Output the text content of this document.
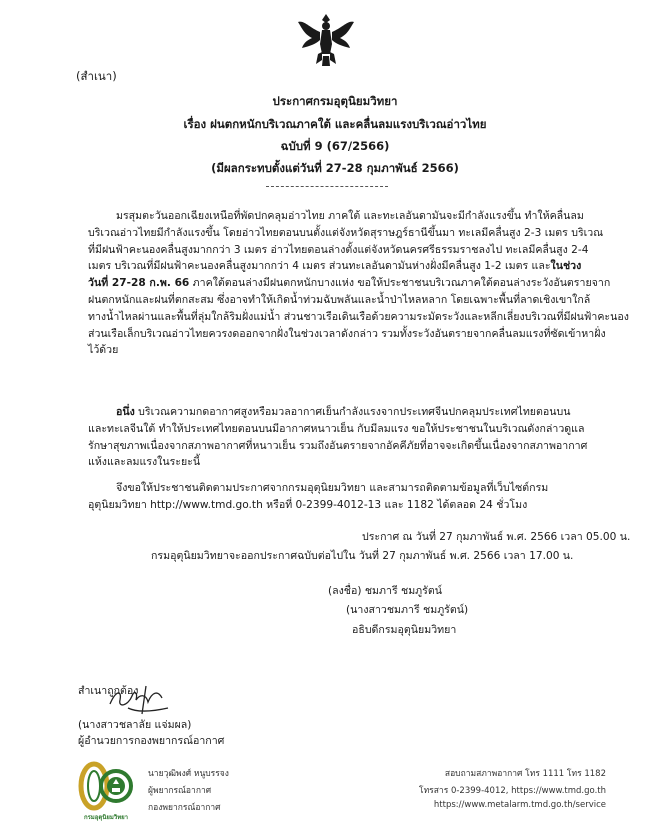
(สำเนา)
ประกาศกรมอุตุนิยมวิทยา
เรื่อง ฝนตกหนักบริเวณภาคใต้ และคลื่นลมแรงบริเวณอ่าวไทย
ฉบับที่ 9 (67/2566)
(มีผลกระทบตั้งแต่วันที่ 27-28 กุมภาพันธ์ 2566)
มรสุมตะวันออกเฉียงเหนือที่พัดปกคลุมอ่าวไทย ภาคใต้ และทะเลอันดามันจะมีกำลังแรงขึ้น ทำให้คลื่นลม
บริเวณอ่าวไทยมีกำลังแรงขึ้น โดยอ่าวไทยตอนบนตั้งแต่จังหวัดสุราษฎร์ธานีขึ้นมา ทะเลมีคลื่นสูง 2-3 เมตร บริเวณ
ที่มีฝนฟ้าคะนองคลื่นสูงมากกว่า 3 เมตร อ่าวไทยตอนล่างตั้งแต่จังหวัดนครศรีธรรมราชลงไป ทะเลมีคลื่นสูง 2-4
เมตร บริเวณที่มีฝนฟ้าคะนองคลื่นสูงมากกว่า 4 เมตร ส่วนทะเลอันดามันห่างฝั่งมีคลื่นสูง 1-2 เมตร และในช่วง
วันที่ 27-28 ก.พ. 66 ภาคใต้ตอนล่างมีฝนตกหนักบางแห่ง ขอให้ประชาชนบริเวณภาคใต้ตอนล่างระวังอันตรายจาก
ฝนตกหนักและฝนที่ตกสะสม ซึ่งอาจทำให้เกิดน้ำท่วมฉับพลันและน้ำป่าไหลหลาก โดยเฉพาะพื้นที่ลาดเชิงเขาใกล้
ทางน้ำไหลผ่านและพื้นที่ลุ่มใกล้ริมฝั่งแม่น้ำ ส่วนชาวเรือเดินเรือด้วยความระมัดระวังและหลีกเลี่ยงบริเวณที่มีฝนฟ้าคะนอง
ส่วนเรือเล็กบริเวณอ่าวไทยควรงดออกจากฝั่งในช่วงเวลาดังกล่าว รวมทั้งระวังอันตรายจากคลื่นลมแรงที่ซัดเข้าหาฝั่ง
ไว้ด้วย
อนึ่ง บริเวณความกดอากาศสูงหรือมวลอากาศเย็นกำลังแรงจากประเทศจีนปกคลุมประเทศไทยตอนบน
และทะเลจีนใต้ ทำให้ประเทศไทยตอนบนมีอากาศหนาวเย็น กับมีลมแรง ขอให้ประชาชนในบริเวณดังกล่าวดูแล
รักษาสุขภาพเนื่องจากสภาพอากาศที่หนาวเย็น รวมถึงอันตรายจากอัคคีภัยที่อาจจะเกิดขึ้นเนื่องจากสภาพอากาศ
แห้งและลมแรงในระยะนี้
จึงขอให้ประชาชนติดตามประกาศจากกรมอุตุนิยมวิทยา และสามารถติดตามข้อมูลที่เว็บไซต์กรม
อุตุนิยมวิทยา http://www.tmd.go.th หรือที่ 0-2399-4012-13 และ 1182 ได้ตลอด 24 ชั่วโมง
ประกาศ ณ วันที่ 27 กุมภาพันธ์ พ.ศ. 2566 เวลา 05.00 น.
กรมอุตุนิยมวิทยาจะออกประกาศฉบับต่อไปใน วันที่ 27 กุมภาพันธ์ พ.ศ. 2566 เวลา 17.00 น.
(ลงชื่อ) ชมภารี ชมภูรัตน์
(นางสาวชมภารี ชมภูรัตน์)
อธิบดีกรมอุตุนิยมวิทยา
สำเนาถูกต้อง
(นางสาวชลาลัย แจ่มผล)
ผู้อำนวยการกองพยากรณ์อากาศ
กรมอุตุนิยมวิทยา
นายวุฒิพงศ์ หนูบรรจง
ผู้พยากรณ์อากาศ
กองพยากรณ์อากาศ
สอบถามสภาพอากาศ โทร 1111 โทร 1182
โทรสาร 0-2399-4012, https://www.tmd.go.th
https://www.metalarm.tmd.go.th/service
